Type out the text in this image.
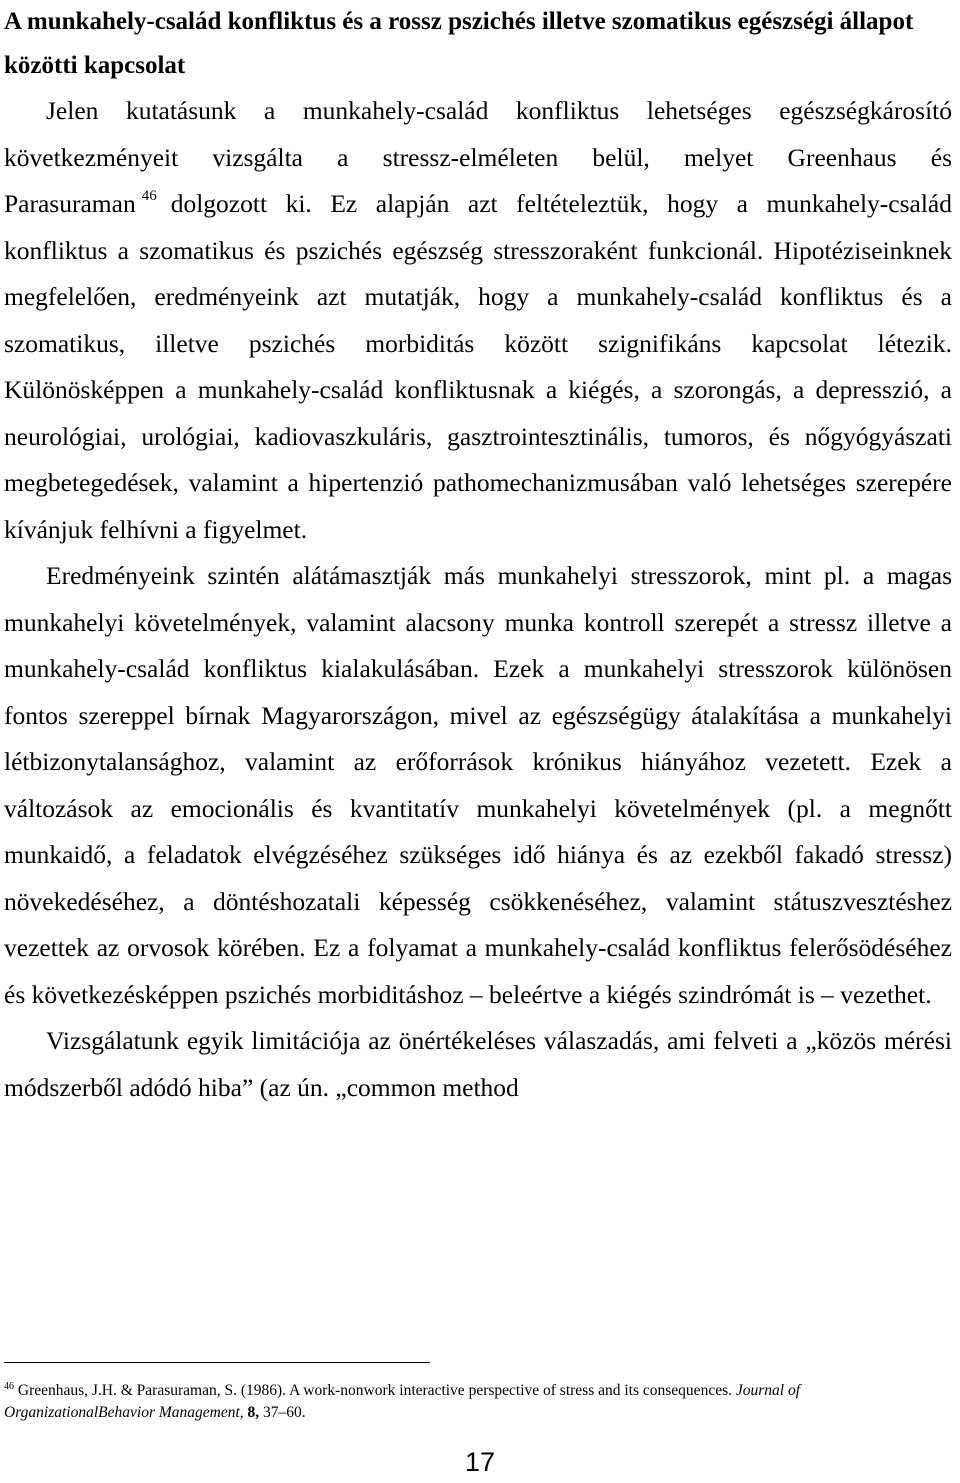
A munkahely-család konfliktus és a rossz pszichés illetve szomatikus egészségi állapot közötti kapcsolat

Jelen kutatásunk a munkahely-család konfliktus lehetséges egészségkárosító következményeit vizsgálta a stressz-elméleten belül, melyet Greenhaus és Parasuraman $^{46}$ dolgozott ki. Ez alapján azt feltételeztük, hogy a munkahely-család konfliktus a szomatikus és pszichés egészség stresszoraként funkcionál. Hipotéziseinknek megfelelően, eredményeink azt mutatják, hogy a munkahely-család konfliktus és a szomatikus, illetve pszichés morbiditás között szignifikáns kapcsolat létezik. Különösképpen a munkahely-család konfliktusnak a kiégés, a szorongás, a depresszió, a neurológiai, urológiai, kadiovaszkuláris, gasztrointesztinális, tumoros, és nőgyógyászati megbetegedések, valamint a hipertenzió pathomechanizmusában való lehetséges szerepére kívánjuk felhívni a figyelmet.

Eredményeink szintén alátámasztják más munkahelyi stresszorok, mint pl. a magas munkahelyi követelmények, valamint alacsony munka kontroll szerepét a stressz illetve a munkahely-család konfliktus kialakulásában. Ezek a munkahelyi stresszorok különösen fontos szereppel bírnak Magyarországon, mivel az egészségügy átalakítása a munkahelyi létbizonytalansághoz, valamint az erőforrások krónikus hiányához vezetett. Ezek a változások az emocionális és kvantitatív munkahelyi követelmények (pl. a megnőtt munkaidő, a feladatok elvégzéséhez szükséges idő hiánya és az ezekből fakadó stressz) növekedéséhez, a döntéshozatali képesség csökkenéséhez, valamint státuszvesztéshez vezettek az orvosok körében. Ez a folyamat a munkahely-család konfliktus felerősödéséhez és következésképpen pszichés morbiditáshoz – beleértve a kiégés szindrómát is – vezethet.

Vizsgálatunk egyik limitációja az önértékeléses válaszadás, ami felveti a „közös mérési módszerből adódó hiba” (az ún. „common method

$^{46}$ Greenhaus, J.H. & Parasuraman, S. (1986). A work-nonwork interactive perspective of stress and its consequences. Journal of OrganizationalBehavior Management, 8, 37–60.
17
